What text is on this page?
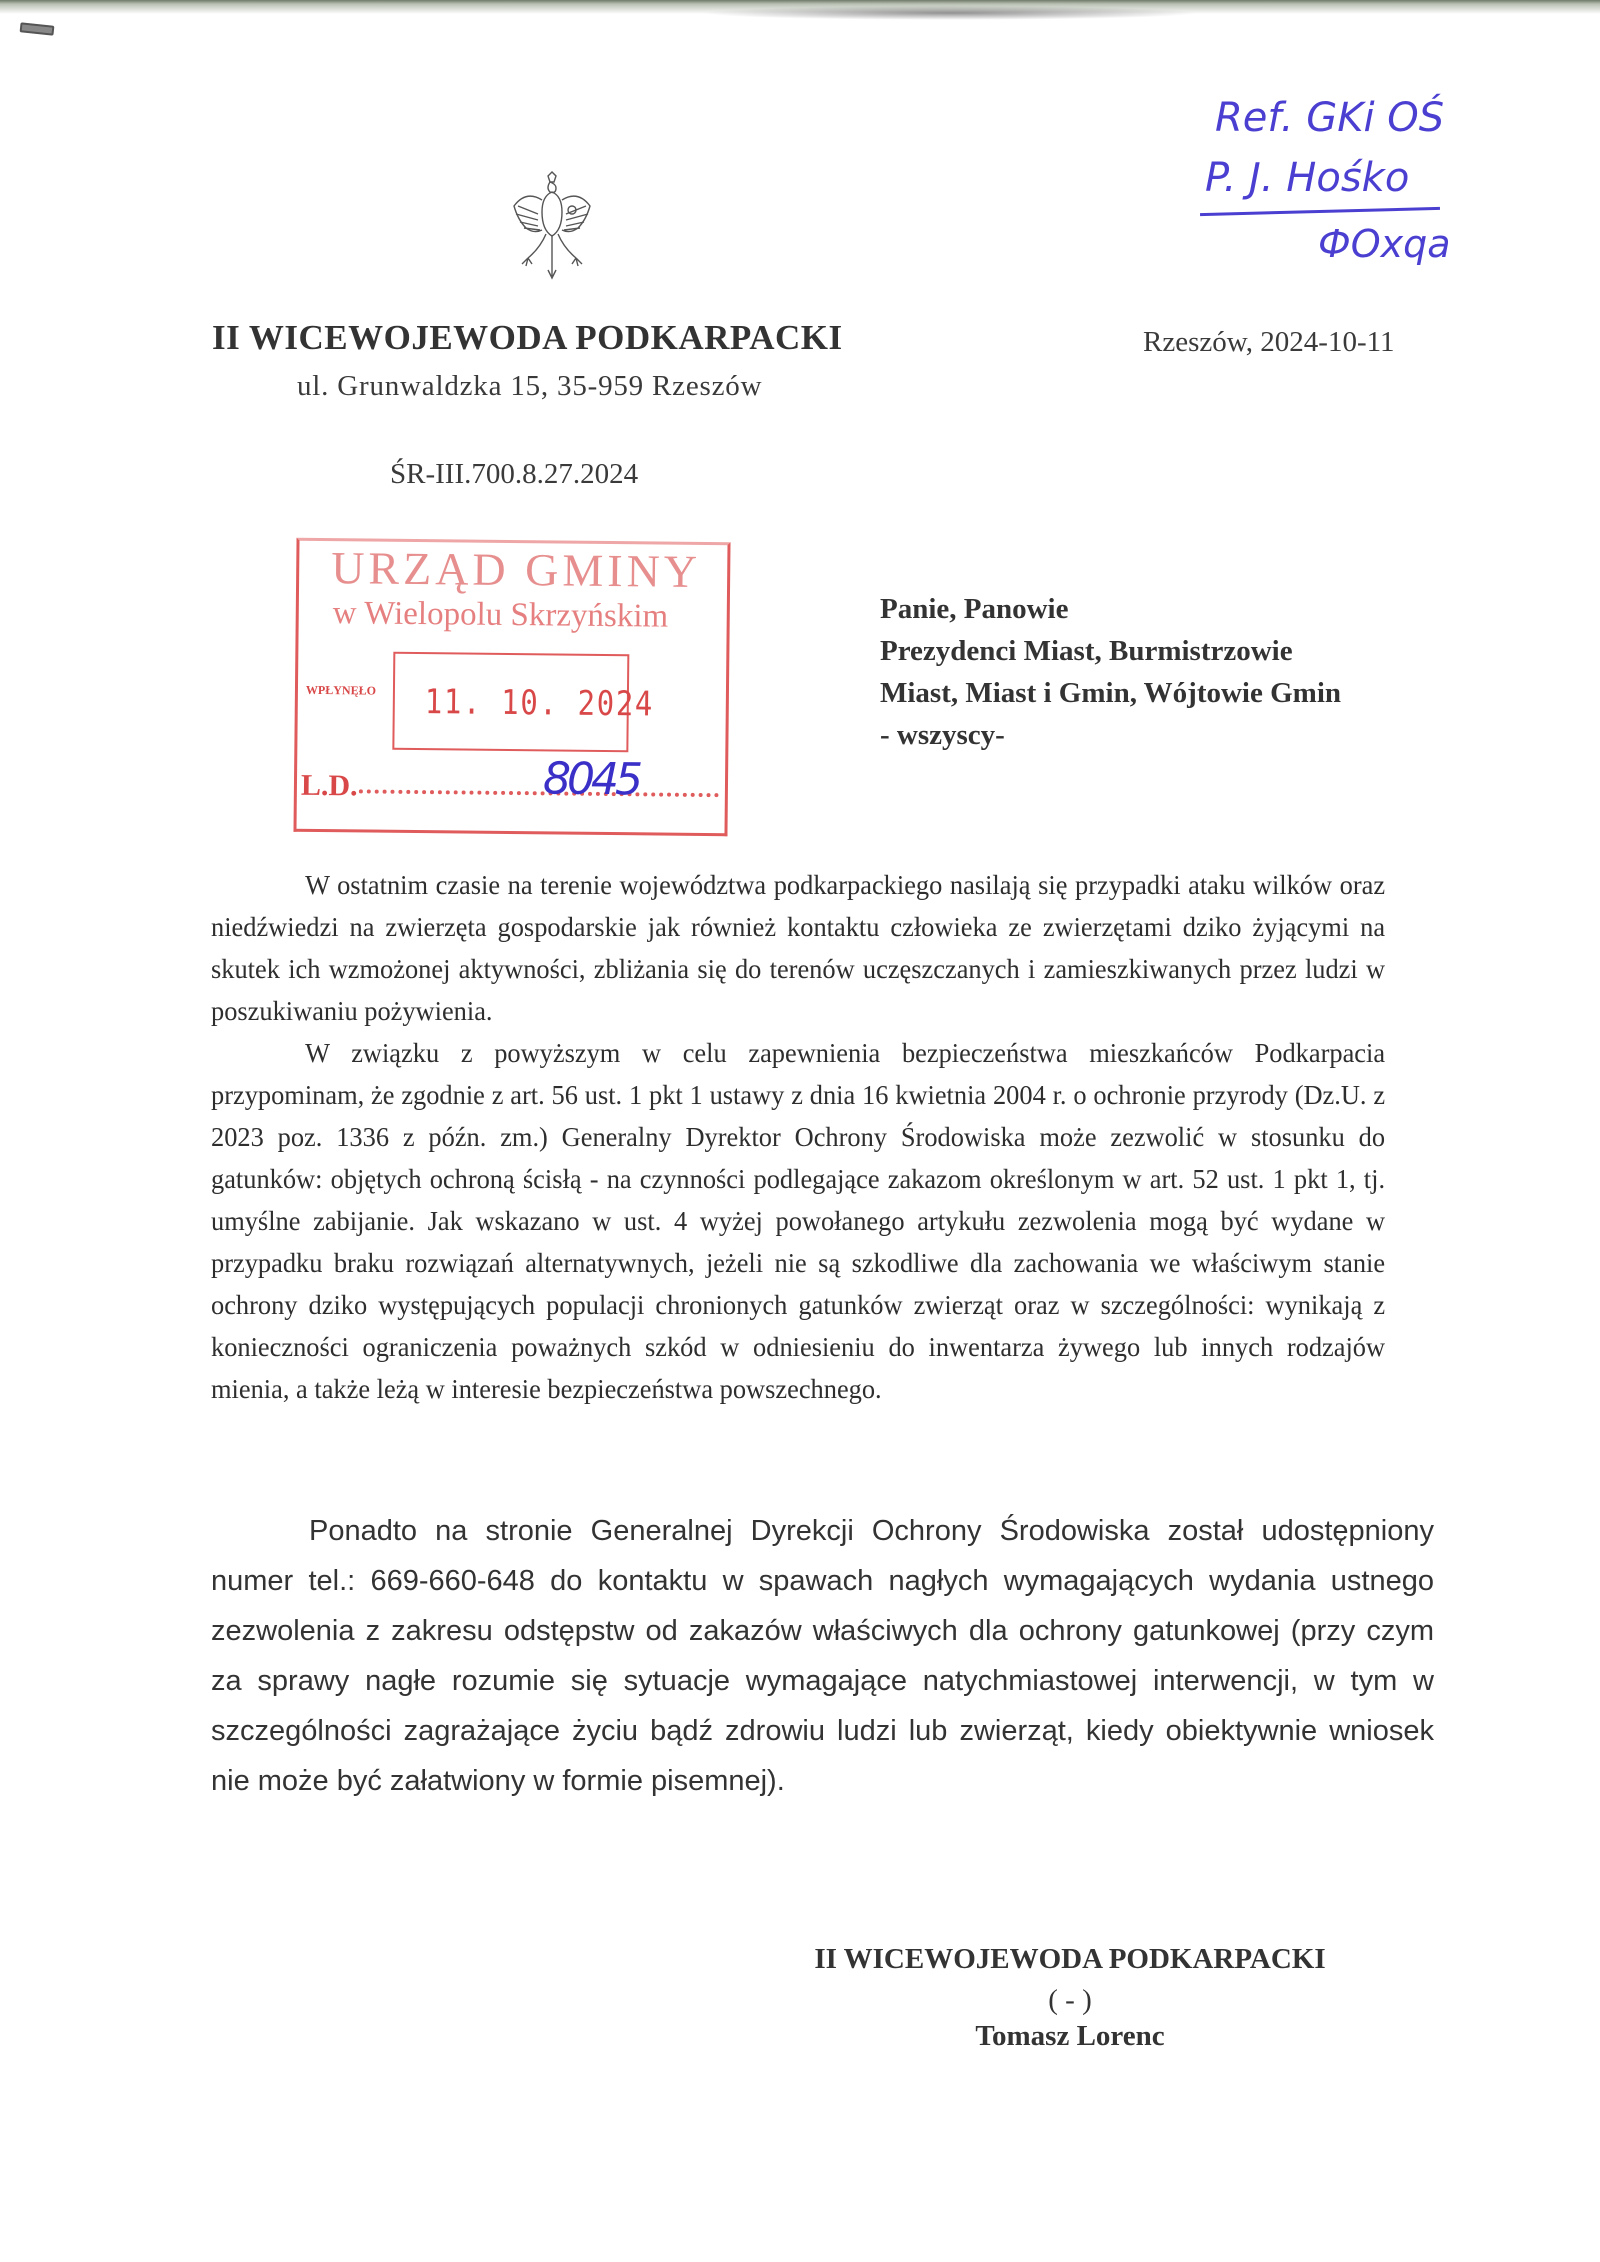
Ref. GKi OŚ
P. J. Hośko
ФOxqa
II WICEWOJEWODA PODKARPACKI
ul. Grunwaldzka 15, 35-959 Rzeszów
ŚR-III.700.8.27.2024
Rzeszów, 2024-10-11
URZĄD GMINY
w Wielopolu Skrzyńskim
WPŁYNĘŁO 11. 10. 2024
L.D.	8045
Panie, Panowie
Prezydenci Miast, Burmistrzowie
Miast, Miast i Gmin, Wójtowie Gmin
- wszyscy-

W ostatnim czasie na terenie województwa podkarpackiego nasilają się przypadki ataku wilków oraz niedźwiedzi na zwierzęta gospodarskie jak również kontaktu człowieka ze zwierzętami dziko żyjącymi na skutek ich wzmożonej aktywności, zbliżania się do terenów uczęszczanych i zamieszkiwanych przez ludzi w poszukiwaniu pożywienia.

W związku z powyższym w celu zapewnienia bezpieczeństwa mieszkańców Podkarpacia przypominam, że zgodnie z art. 56 ust. 1 pkt 1 ustawy z dnia 16 kwietnia 2004 r. o ochronie przyrody (Dz.U. z 2023 poz. 1336 z późn. zm.) Generalny Dyrektor Ochrony Środowiska może zezwolić w stosunku do gatunków: objętych ochroną ścisłą - na czynności podlegające zakazom określonym w art. 52 ust. 1 pkt 1, tj. umyślne zabijanie. Jak wskazano w ust. 4 wyżej powołanego artykułu zezwolenia mogą być wydane w przypadku braku rozwiązań alternatywnych, jeżeli nie są szkodliwe dla zachowania we właściwym stanie ochrony dziko występujących populacji chronionych gatunków zwierząt oraz w szczególności: wynikają z konieczności ograniczenia poważnych szkód w odniesieniu do inwentarza żywego lub innych rodzajów mienia, a także leżą w interesie bezpieczeństwa powszechnego.

Ponadto na stronie Generalnej Dyrekcji Ochrony Środowiska został udostępniony numer tel.: 669-660-648 do kontaktu w spawach nagłych wymagających wydania ustnego zezwolenia z zakresu odstępstw od zakazów właściwych dla ochrony gatunkowej (przy czym za sprawy nagłe rozumie się sytuacje wymagające natychmiastowej interwencji, w tym w szczególności zagrażające życiu bądź zdrowiu ludzi lub zwierząt, kiedy obiektywnie wniosek nie może być załatwiony w formie pisemnej).

II WICEWOJEWODA PODKARPACKI
( - )
Tomasz Lorenc
